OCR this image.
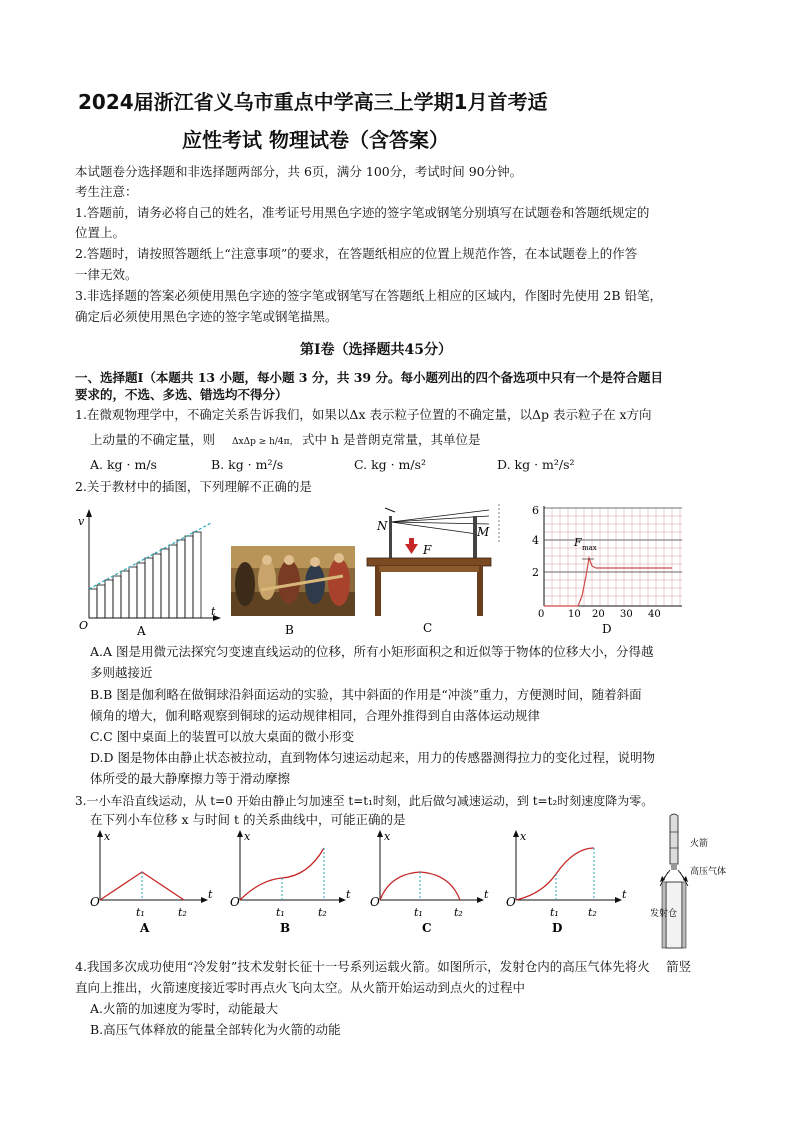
2024届浙江省义乌市重点中学高三上学期1月首考适
应性考试 物理试卷（含答案）
本试题卷分选择题和非选择题两部分，共 6页，满分 100分，考试时间 90分钟。
考生注意：
1.答题前，请务必将自己的姓名，准考证号用黑色字迹的签字笔或钢笔分别填写在试题卷和答题纸规定的
位置上。
2.答题时，请按照答题纸上“注意事项”的要求，在答题纸相应的位置上规范作答，在本试题卷上的作答
一律无效。
3.非选择题的答案必须使用黑色字迹的签字笔或钢笔写在答题纸上相应的区域内，作图时先使用 2B 铅笔，
确定后必须使用黑色字迹的签字笔或钢笔描黑。
第Ⅰ卷（选择题共45分）
一、选择题Ⅰ（本题共 13 小题，每小题 3 分，共 39 分。每小题列出的四个备选项中只有一个是符合题目
要求的，不选、多选、错选均不得分）
1.在微观物理学中，不确定关系告诉我们，如果以Δx 表示粒子位置的不确定量，以Δp 表示粒子在 x方向
上动量的不确定量，则 ΔxΔp ≥ h/4π， 式中 h 是普朗克常量，其单位是
A. kg · m/s	B. kg · m²/s	C. kg · m/s²	D. kg · m²/s²
2.关于教材中的插图，下列理解不正确的是
v
t
O	A	B
N	M
F
C
6
4
2
0 10 20 30 40
F max
D
A.A 图是用微元法探究匀变速直线运动的位移，所有小矩形面积之和近似等于物体的位移大小，分得越
多则越接近
B.B 图是伽利略在做铜球沿斜面运动的实验，其中斜面的作用是“冲淡”重力，方便测时间，随着斜面
倾角的增大，伽利略观察到铜球的运动规律相同，合理外推得到自由落体运动规律
C.C 图中桌面上的装置可以放大桌面的微小形变
D.D 图是物体由静止状态被拉动，直到物体匀速运动起来，用力的传感器测得拉力的变化过程，说明物
体所受的最大静摩擦力等于滑动摩擦
3.一小车沿直线运动，从 t=0 开始由静止匀加速至 t=t₁时刻，此后做匀减速运动，到 t=t₂时刻速度降为零。
在下列小车位移 x 与时间 t 的关系曲线中，可能正确的是
O
x
t
t₁	t₂
A
O
x
t
t₁	t₂
B
O
x
t
t₁	t₂
C
O
x
t
t₁	t₂
D
火箭
高压气体
发射仓
4.我国多次成功使用“冷发射”技术发射长征十一号系列运载火箭。如图所示，发射仓内的高压气体先将火　 箭竖
直向上推出，火箭速度接近零时再点火飞向太空。从火箭开始运动到点火的过程中
A.火箭的加速度为零时，动能最大
B.高压气体释放的能量全部转化为火箭的动能
